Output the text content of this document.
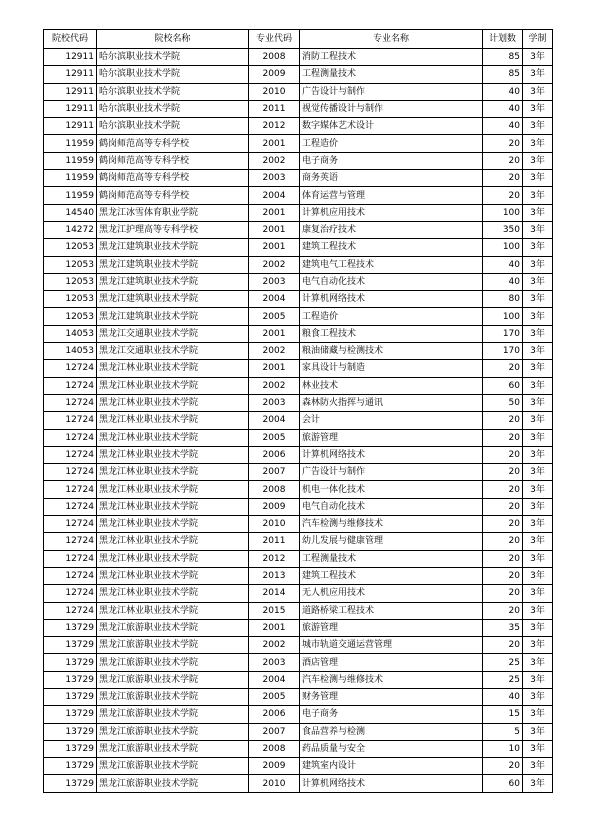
院校代码	院校名称	专业代码	专业名称	计划数	学制
12911	哈尔滨职业技术学院	2008	消防工程技术	85	3年
12911	哈尔滨职业技术学院	2009	工程测量技术	85	3年
12911	哈尔滨职业技术学院	2010	广告设计与制作	40	3年
12911	哈尔滨职业技术学院	2011	视觉传播设计与制作	40	3年
12911	哈尔滨职业技术学院	2012	数字媒体艺术设计	40	3年
11959	鹤岗师范高等专科学校	2001	工程造价	20	3年
11959	鹤岗师范高等专科学校	2002	电子商务	20	3年
11959	鹤岗师范高等专科学校	2003	商务英语	20	3年
11959	鹤岗师范高等专科学校	2004	体育运营与管理	20	3年
14540	黑龙江冰雪体育职业学院	2001	计算机应用技术	100	3年
14272	黑龙江护理高等专科学校	2001	康复治疗技术	350	3年
12053	黑龙江建筑职业技术学院	2001	建筑工程技术	100	3年
12053	黑龙江建筑职业技术学院	2002	建筑电气工程技术	40	3年
12053	黑龙江建筑职业技术学院	2003	电气自动化技术	40	3年
12053	黑龙江建筑职业技术学院	2004	计算机网络技术	80	3年
12053	黑龙江建筑职业技术学院	2005	工程造价	100	3年
14053	黑龙江交通职业技术学院	2001	粮食工程技术	170	3年
14053	黑龙江交通职业技术学院	2002	粮油储藏与检测技术	170	3年
12724	黑龙江林业职业技术学院	2001	家具设计与制造	20	3年
12724	黑龙江林业职业技术学院	2002	林业技术	60	3年
12724	黑龙江林业职业技术学院	2003	森林防火指挥与通讯	50	3年
12724	黑龙江林业职业技术学院	2004	会计	20	3年
12724	黑龙江林业职业技术学院	2005	旅游管理	20	3年
12724	黑龙江林业职业技术学院	2006	计算机网络技术	20	3年
12724	黑龙江林业职业技术学院	2007	广告设计与制作	20	3年
12724	黑龙江林业职业技术学院	2008	机电一体化技术	20	3年
12724	黑龙江林业职业技术学院	2009	电气自动化技术	20	3年
12724	黑龙江林业职业技术学院	2010	汽车检测与维修技术	20	3年
12724	黑龙江林业职业技术学院	2011	幼儿发展与健康管理	20	3年
12724	黑龙江林业职业技术学院	2012	工程测量技术	20	3年
12724	黑龙江林业职业技术学院	2013	建筑工程技术	20	3年
12724	黑龙江林业职业技术学院	2014	无人机应用技术	20	3年
12724	黑龙江林业职业技术学院	2015	道路桥梁工程技术	20	3年
13729	黑龙江旅游职业技术学院	2001	旅游管理	35	3年
13729	黑龙江旅游职业技术学院	2002	城市轨道交通运营管理	20	3年
13729	黑龙江旅游职业技术学院	2003	酒店管理	25	3年
13729	黑龙江旅游职业技术学院	2004	汽车检测与维修技术	25	3年
13729	黑龙江旅游职业技术学院	2005	财务管理	40	3年
13729	黑龙江旅游职业技术学院	2006	电子商务	15	3年
13729	黑龙江旅游职业技术学院	2007	食品营养与检测	5	3年
13729	黑龙江旅游职业技术学院	2008	药品质量与安全	10	3年
13729	黑龙江旅游职业技术学院	2009	建筑室内设计	20	3年
13729	黑龙江旅游职业技术学院	2010	计算机网络技术	60	3年
